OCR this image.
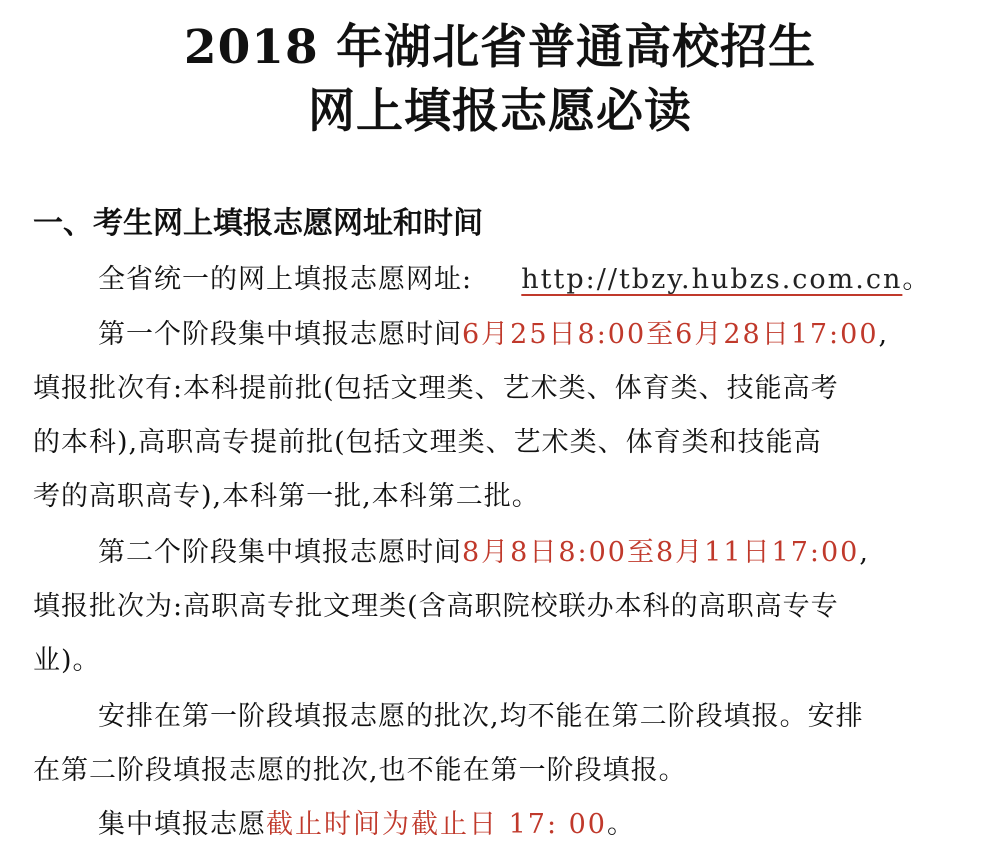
2018 年湖北省普通高校招生
网上填报志愿必读
一、考生网上填报志愿网址和时间
全省统一的网上填报志愿网址: http://tbzy.hubzs.com.cn。
第一个阶段集中填报志愿时间6月25日8:00至6月28日17:00,
填报批次有:本科提前批(包括文理类、艺术类、体育类、技能高考
的本科),高职高专提前批(包括文理类、艺术类、体育类和技能高
考的高职高专),本科第一批,本科第二批。
第二个阶段集中填报志愿时间8月8日8:00至8月11日17:00,
填报批次为:高职高专批文理类(含高职院校联办本科的高职高专专
业)。
安排在第一阶段填报志愿的批次,均不能在第二阶段填报。安排
在第二阶段填报志愿的批次,也不能在第一阶段填报。
集中填报志愿截止时间为截止日 17: 00。
